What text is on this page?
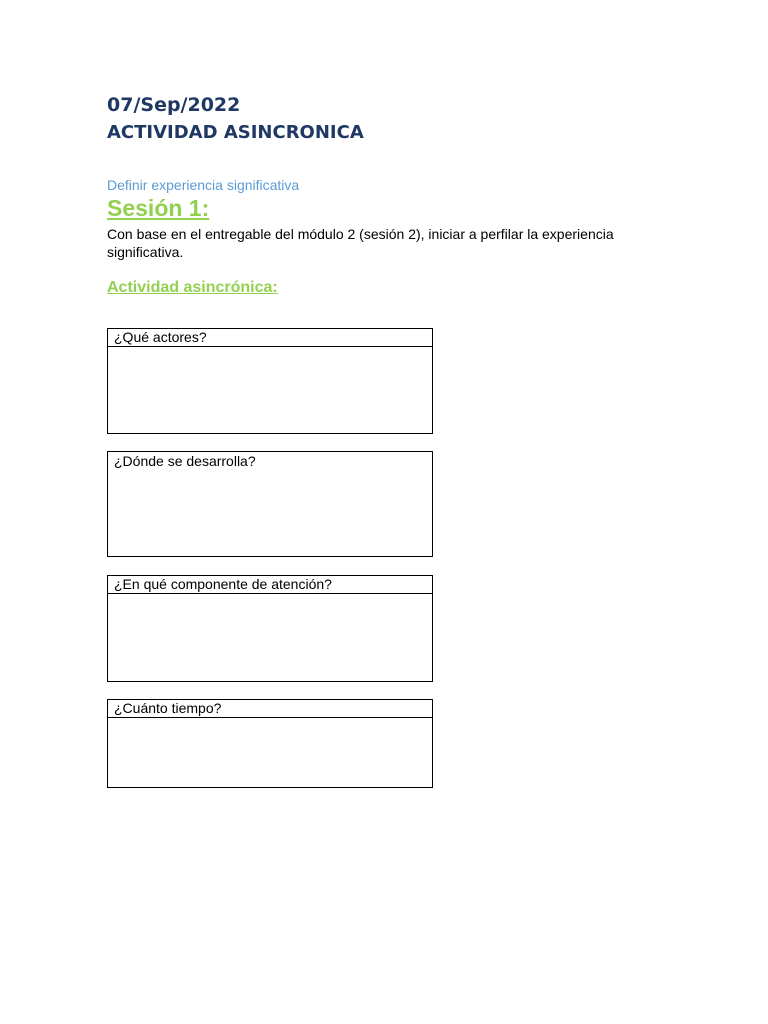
07/Sep/2022
ACTIVIDAD ASINCRONICA
Definir experiencia significativa
Sesión 1:
Con base en el entregable del módulo 2 (sesión 2), iniciar a perfilar la experiencia significativa.
Actividad asincrónica:
¿Qué actores?
¿Dónde se desarrolla?
¿En qué componente de atención?
¿Cuánto tiempo?
